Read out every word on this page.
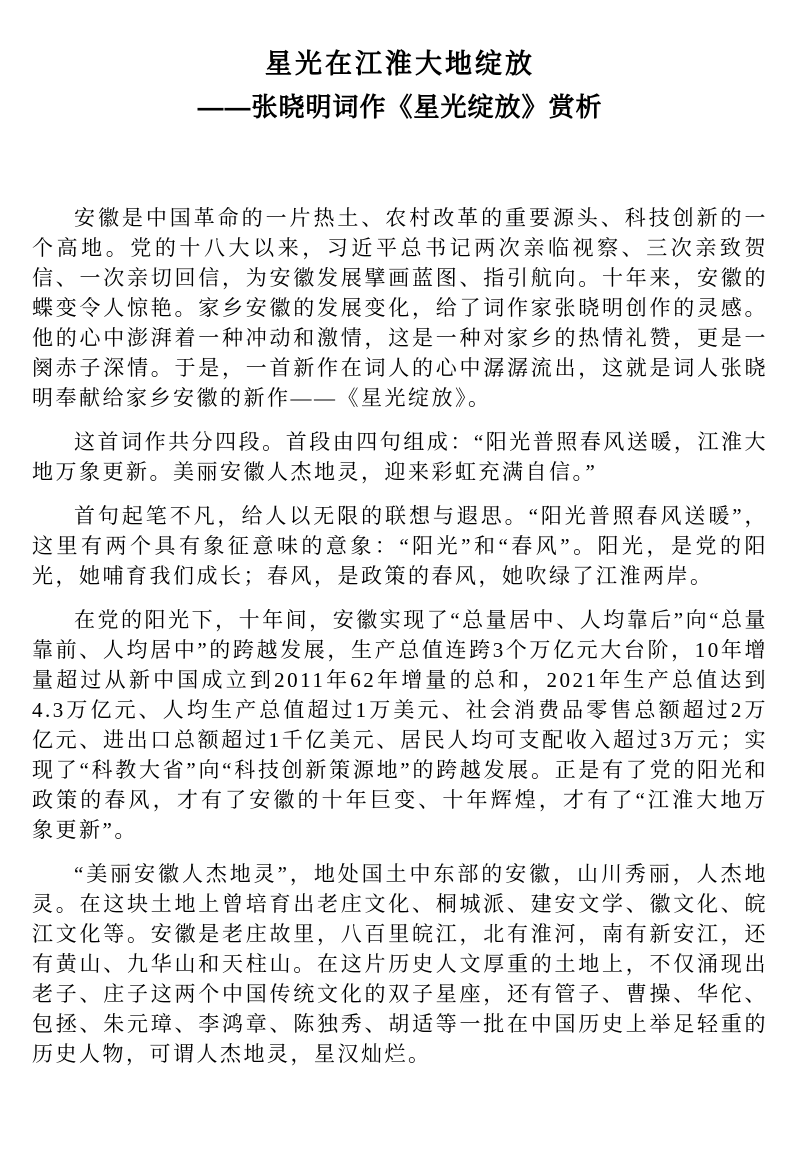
星光在江淮大地绽放
——张晓明词作《星光绽放》赏析

安徽是中国革命的一片热土、农村改革的重要源头、科技创新的一个高地。党的十八大以来，习近平总书记两次亲临视察、三次亲致贺信、一次亲切回信，为安徽发展擘画蓝图、指引航向。十年来，安徽的蝶变令人惊艳。家乡安徽的发展变化，给了词作家张晓明创作的灵感。他的心中澎湃着一种冲动和激情，这是一种对家乡的热情礼赞，更是一阕赤子深情。于是，一首新作在词人的心中潺潺流出，这就是词人张晓明奉献给家乡安徽的新作——《星光绽放》。

这首词作共分四段。首段由四句组成：“阳光普照春风送暖，江淮大地万象更新。美丽安徽人杰地灵，迎来彩虹充满自信。”

首句起笔不凡，给人以无限的联想与遐思。“阳光普照春风送暖”，这里有两个具有象征意味的意象：“阳光”和“春风”。阳光，是党的阳光，她哺育我们成长；春风，是政策的春风，她吹绿了江淮两岸。

在党的阳光下，十年间，安徽实现了“总量居中、人均靠后”向“总量靠前、人均居中”的跨越发展，生产总值连跨3个万亿元大台阶，10年增量超过从新中国成立到2011年62年增量的总和，2021年生产总值达到4.3万亿元、人均生产总值超过1万美元、社会消费品零售总额超过2万亿元、进出口总额超过1千亿美元、居民人均可支配收入超过3万元；实现了“科教大省”向“科技创新策源地”的跨越发展。正是有了党的阳光和政策的春风，才有了安徽的十年巨变、十年辉煌，才有了“江淮大地万象更新”。

“美丽安徽人杰地灵”，地处国土中东部的安徽，山川秀丽，人杰地灵。在这块土地上曾培育出老庄文化、桐城派、建安文学、徽文化、皖江文化等。安徽是老庄故里，八百里皖江，北有淮河，南有新安江，还有黄山、九华山和天柱山。在这片历史人文厚重的土地上，不仅涌现出老子、庄子这两个中国传统文化的双子星座，还有管子、曹操、华佗、包拯、朱元璋、李鸿章、陈独秀、胡适等一批在中国历史上举足轻重的历史人物，可谓人杰地灵，星汉灿烂。
